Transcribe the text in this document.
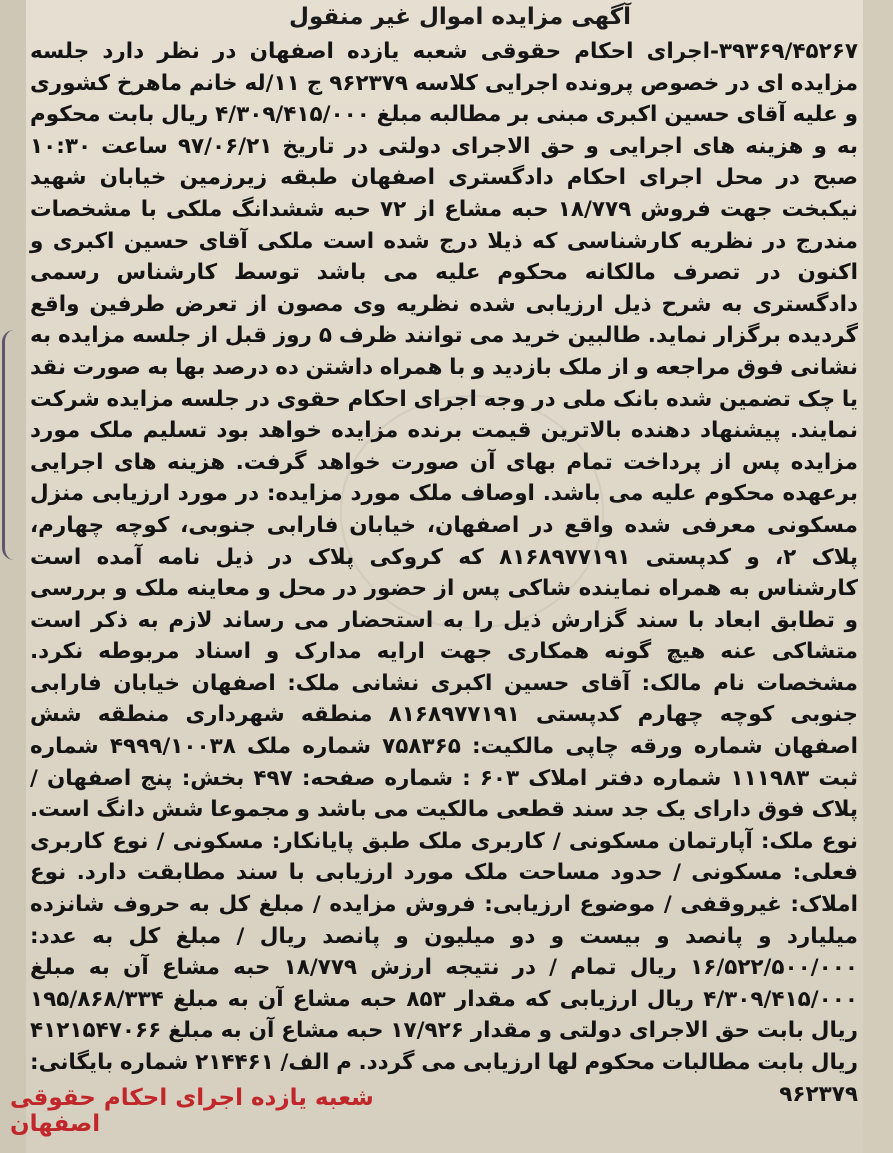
آگهی مزایده اموال غیر منقول
۳۹۳۶۹/۴۵۲۶۷-اجرای احکام حقوقی شعبه یازده اصفهان در نظر دارد جلسه مزایده ای در خصوص پرونده اجرایی کلاسه ۹۶۲۳۷۹ ج ۱۱/له خانم ماهرخ کشوری و علیه آقای حسین اکبری مبنی بر مطالبه مبلغ ۴/۳۰۹/۴۱۵/۰۰۰ ریال بابت محکوم به و هزینه های اجرایی و حق الاجرای دولتی در تاریخ ۹۷/۰۶/۲۱ ساعت ۱۰:۳۰ صبح در محل اجرای احکام دادگستری اصفهان طبقه زیرزمین خیابان شهید نیکبخت جهت فروش ۱۸/۷۷۹ حبه مشاع از ۷۲ حبه ششدانگ ملکی با مشخصات مندرج در نظریه کارشناسی که ذیلا درج شده است ملکی آقای حسین اکبری و اکنون در تصرف مالکانه محکوم علیه می باشد توسط کارشناس رسمی دادگستری به شرح ذیل ارزیابی شده نظریه وی مصون از تعرض طرفین واقع گردیده برگزار نماید. طالبین خرید می توانند ظرف ۵ روز قبل از جلسه مزایده به نشانی فوق مراجعه و از ملک بازدید و با همراه داشتن ده درصد بها به صورت نقد یا چک تضمین شده بانک ملی در وجه اجرای احکام حقوی در جلسه مزایده شرکت نمایند. پیشنهاد دهنده بالاترین قیمت برنده مزایده خواهد بود تسلیم ملک مورد مزایده پس از پرداخت تمام بهای آن صورت خواهد گرفت. هزینه های اجرایی برعهده محکوم علیه می باشد. اوصاف ملک مورد مزایده: در مورد ارزیابی منزل مسکونی معرفی شده واقع در اصفهان، خیابان فارابی جنوبی، کوچه چهارم، پلاک ۲، و کدپستی ۸۱۶۸۹۷۷۱۹۱ که کروکی پلاک در ذیل نامه آمده است کارشناس به همراه نماینده شاکی پس از حضور در محل و معاینه ملک و بررسی و تطابق ابعاد با سند گزارش ذیل را به استحضار می رساند لازم به ذکر است متشاکی عنه هیچ گونه همکاری جهت ارایه مدارک و اسناد مربوطه نکرد. مشخصات نام مالک: آقای حسین اکبری نشانی ملک: اصفهان خیابان فارابی جنوبی کوچه چهارم کدپستی ۸۱۶۸۹۷۷۱۹۱ منطقه شهرداری منطقه شش اصفهان شماره ورقه چاپی مالکیت: ۷۵۸۳۶۵ شماره ملک ۴۹۹۹/۱۰۰۳۸ شماره ثبت ۱۱۱۹۸۳ شماره دفتر املاک ۶۰۳ : شماره صفحه: ۴۹۷ بخش: پنج اصفهان / پلاک فوق دارای یک جد سند قطعی مالکیت می باشد و مجموعا شش دانگ است. نوع ملک: آپارتمان مسکونی / کاربری ملک طبق پایانکار: مسکونی / نوع کاربری فعلی: مسکونی / حدود مساحت ملک مورد ارزیابی با سند مطابقت دارد. نوع املاک: غیروقفی / موضوع ارزیابی: فروش مزایده / مبلغ کل به حروف شانزده میلیارد و پانصد و بیست و دو میلیون و پانصد ریال / مبلغ کل به عدد: ۱۶/۵۲۲/۵۰۰/۰۰۰ ریال تمام / در نتیجه ارزش ۱۸/۷۷۹ حبه مشاع آن به مبلغ ۴/۳۰۹/۴۱۵/۰۰۰ ریال ارزیابی که مقدار ۸۵۳ حبه مشاع آن به مبلغ ۱۹۵/۸۶۸/۳۳۴ ریال بابت حق الاجرای دولتی و مقدار ۱۷/۹۲۶ حبه مشاع آن به مبلغ ۴۱۲۱۵۴۷۰۶۶ ریال بابت مطالبات محکوم لها ارزیابی می گردد. م الف/ ۲۱۴۴۶۱ شماره بایگانی: ۹۶۲۳۷۹
شعبه یازده اجرای احکام حقوقی اصفهان
